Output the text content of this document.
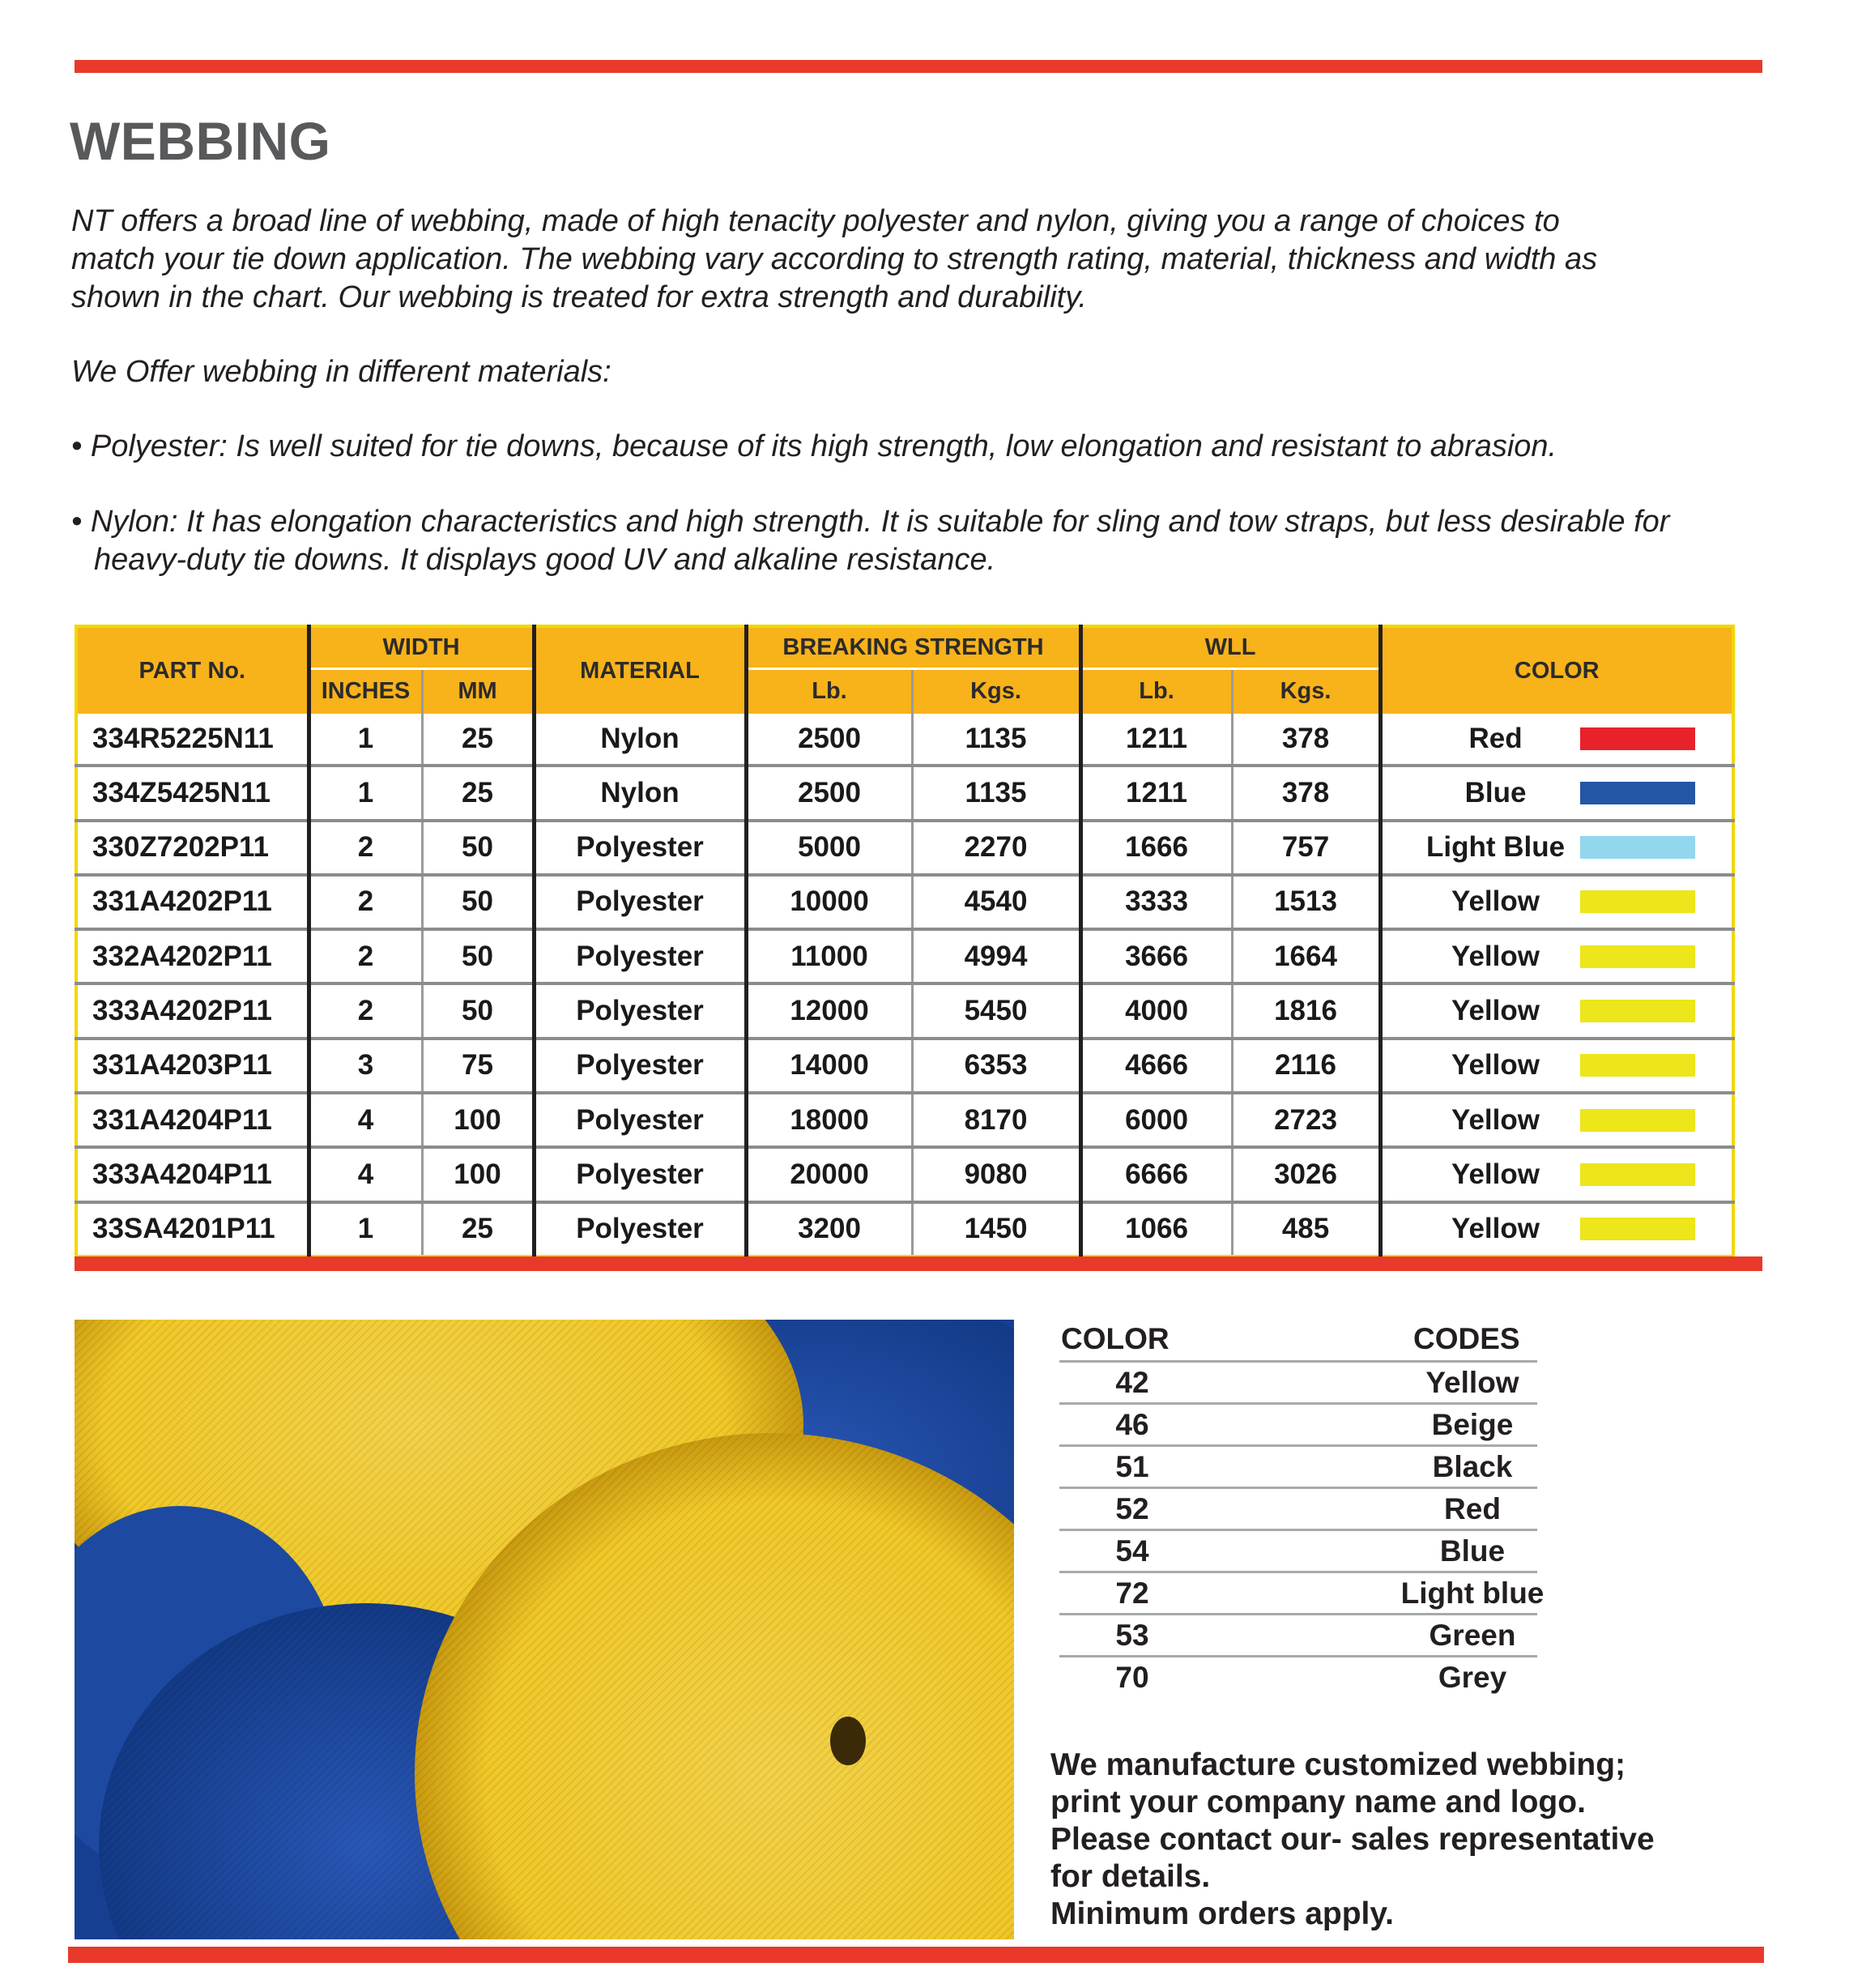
WEBBING
NT offers a broad line of webbing, made of high tenacity polyester and nylon, giving you a range of choices to
match your tie down application. The webbing vary according to strength rating, material, thickness and width as
shown in the chart. Our webbing is treated for extra strength and durability.
We Offer webbing in different materials:
• Polyester: Is well suited for tie downs, because of its high strength, low elongation and resistant to abrasion.
• Nylon: It has elongation characteristics and high strength. It is suitable for sling and tow straps, but less desirable for
heavy-duty tie downs. It displays good UV and alkaline resistance.
PART No.	WIDTH		MATERIAL	BREAKING STRENGTH		WLL		COLOR
	INCHES	MM		Lb.	Kgs.	Lb.	Kgs.	
334R5225N11	1	25	Nylon	2500	1135	1211	378	Red

334Z5425N11	1	25	Nylon	2500	1135	1211	378	Blue

330Z7202P11	2	50	Polyester	5000	2270	1666	757	Light Blue

331A4202P11	2	50	Polyester	10000	4540	3333	1513	Yellow

332A4202P11	2	50	Polyester	11000	4994	3666	1664	Yellow

333A4202P11	2	50	Polyester	12000	5450	4000	1816	Yellow

331A4203P11	3	75	Polyester	14000	6353	4666	2116	Yellow

331A4204P11	4	100	Polyester	18000	8170	6000	2723	Yellow

333A4204P11	4	100	Polyester	20000	9080	6666	3026	Yellow

33SA4201P11	1	25	Polyester	3200	1450	1066	485	Yellow
COLOR	CODES
42	Yellow
46	Beige
51	Black
52	Red
54	Blue
72	Light blue
53	Green
70	Grey
We manufacture customized webbing;
print your company name and logo.
Please contact our- sales representative
for details.
Minimum orders apply.
